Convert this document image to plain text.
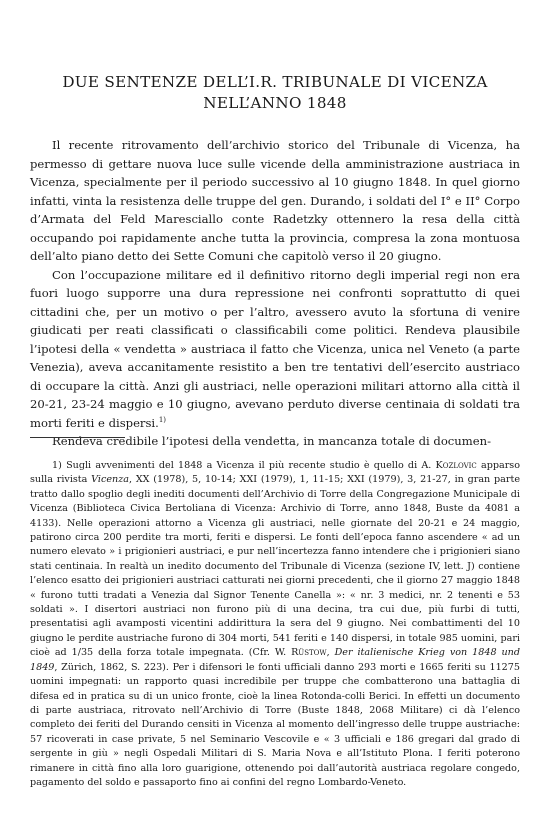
DUE SENTENZE DELL’I.R. TRIBUNALE DI VICENZA
NELL’ANNO 1848

Il recente ritrovamento dell’archivio storico del Tribunale di Vicenza, ha permesso di gettare nuova luce sulle vicende della amministrazione austriaca in Vicenza, specialmente per il periodo successivo al 10 giugno 1848. In quel giorno infatti, vinta la resistenza delle truppe del gen. Durando, i soldati del I° e II° Corpo d’Armata del Feld Maresciallo conte Radetzky ottennero la resa della città occupando poi rapidamente anche tutta la provincia, compresa la zona montuosa dell’alto piano detto dei Sette Comuni che capitolò verso il 20 giugno.

Con l’occupazione militare ed il definitivo ritorno degli imperial regi non era fuori luogo supporre una dura repressione nei confronti soprattutto di quei cittadini che, per un motivo o per l’altro, avessero avuto la sfortuna di venire giudicati per reati classificati o classificabili come politici. Rendeva plausibile l’ipotesi della « vendetta » austriaca il fatto che Vicenza, unica nel Veneto (a parte Venezia), aveva accanitamente resistito a ben tre tentativi dell’esercito austriaco di occupare la città. Anzi gli austriaci, nelle operazioni militari attorno alla città il 20-21, 23-24 maggio e 10 giugno, avevano perduto diverse centinaia di soldati tra morti feriti e dispersi.$^{1)}$

Rendeva credibile l’ipotesi della vendetta, in mancanza totale di documen-

1) Sugli avvenimenti del 1848 a Vicenza il più recente studio è quello di A. Kozlovic apparso sulla rivista Vicenza, XX (1978), 5, 10-14; XXI (1979), 1, 11-15; XXI (1979), 3, 21-27, in gran parte tratto dallo spoglio degli inediti documenti dell’Archivio di Torre della Congregazione Municipale di Vicenza (Biblioteca Civica Bertoliana di Vicenza: Archivio di Torre, anno 1848, Buste da 4081 a 4133). Nelle operazioni attorno a Vicenza gli austriaci, nelle giornate del 20-21 e 24 maggio, patirono circa 200 perdite tra morti, feriti e dispersi. Le fonti dell’epoca fanno ascendere « ad un numero elevato » i prigionieri austriaci, e pur nell’incertezza fanno intendere che i prigionieri siano stati centinaia. In realtà un inedito documento del Tribunale di Vicenza (sezione IV, lett. J) contiene l’elenco esatto dei prigionieri austriaci catturati nei giorni precedenti, che il giorno 27 maggio 1848 « furono tutti tradati a Venezia dal Signor Tenente Canella »: « nr. 3 medici, nr. 2 tenenti e 53 soldati ». I disertori austriaci non furono più di una decina, tra cui due, più furbi di tutti, presentatisi agli avamposti vicentini addirittura la sera del 9 giugno. Nei combattimenti del 10 giugno le perdite austriache furono di 304 morti, 541 feriti e 140 dispersi, in totale 985 uomini, pari cioè ad 1/35 della forza totale impegnata. (Cfr. W. Rüstow, Der italienische Krieg von 1848 und 1849, Zürich, 1862, S. 223). Per i difensori le fonti ufficiali danno 293 morti e 1665 feriti su 11275 uomini impegnati: un rapporto quasi incredibile per truppe che combatterono una battaglia di difesa ed in pratica su di un unico fronte, cioè la linea Rotonda-colli Berici. In effetti un documento di parte austriaca, ritrovato nell’Archivio di Torre (Buste 1848, 2068 Militare) ci dà l’elenco completo dei feriti del Durando censiti in Vicenza al momento dell’ingresso delle truppe austriache: 57 ricoverati in case private, 5 nel Seminario Vescovile e « 3 ufficiali e 186 gregari dal grado di sergente in giù » negli Ospedali Militari di S. Maria Nova e all’Istituto Plona. I feriti poterono rimanere in città fino alla loro guarigione, ottenendo poi dall’autorità austriaca regolare congedo, pagamento del soldo e passaporto fino ai confini del regno Lombardo-Veneto.
